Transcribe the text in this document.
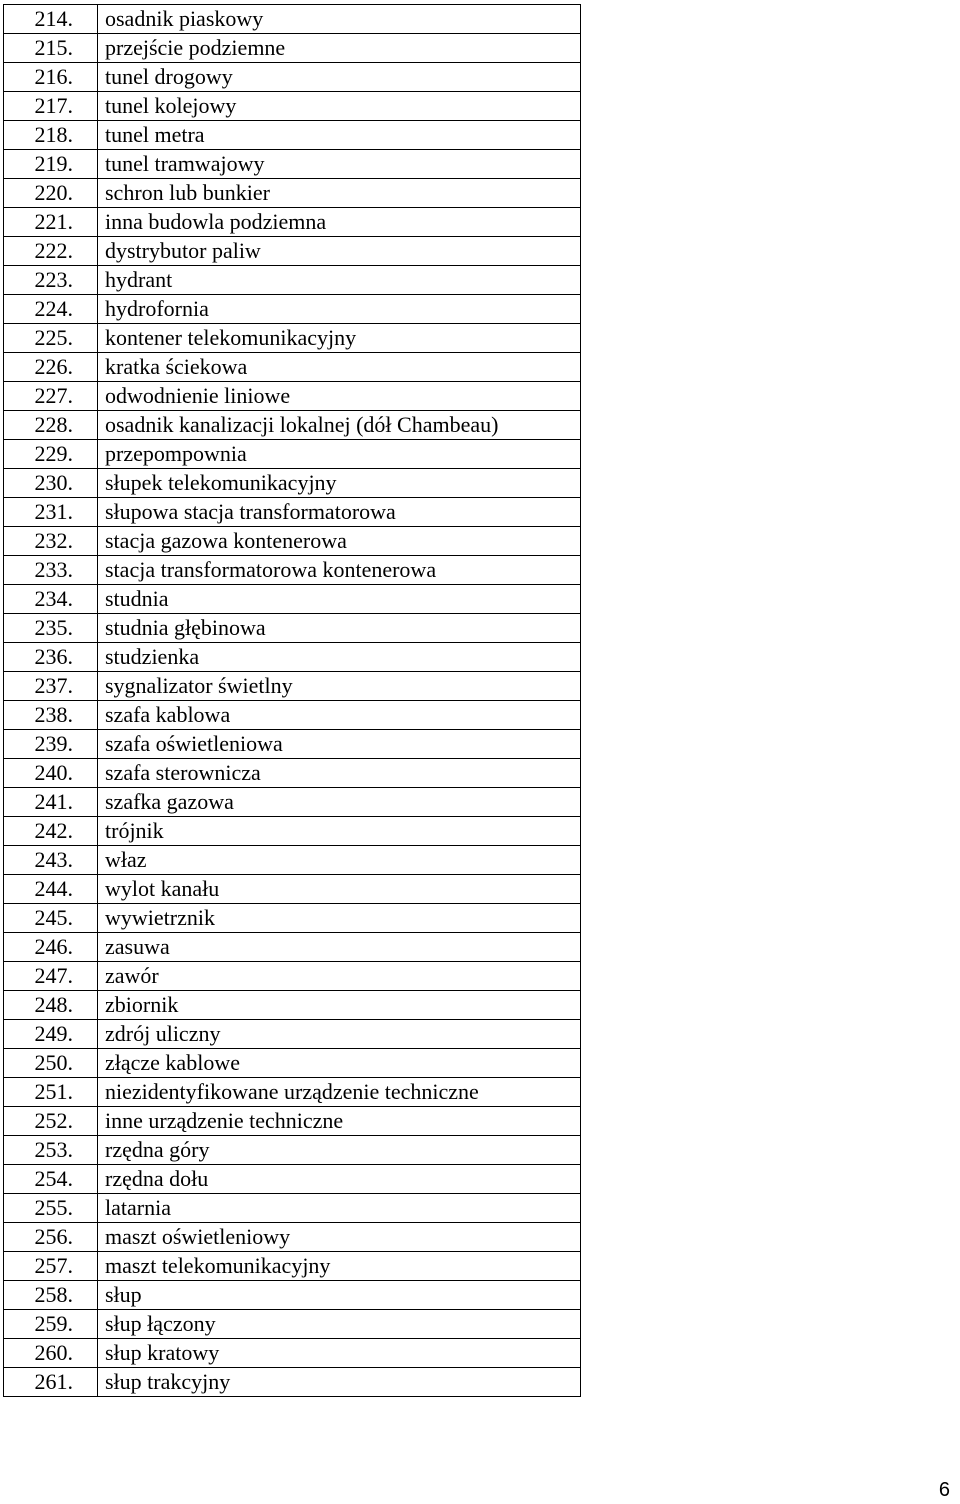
214.	osadnik piaskowy
215.	przejście podziemne
216.	tunel drogowy
217.	tunel kolejowy
218.	tunel metra
219.	tunel tramwajowy
220.	schron lub bunkier
221.	inna budowla podziemna
222.	dystrybutor paliw
223.	hydrant
224.	hydrofornia
225.	kontener telekomunikacyjny
226.	kratka ściekowa
227.	odwodnienie liniowe
228.	osadnik kanalizacji lokalnej (dół Chambeau)
229.	przepompownia
230.	słupek telekomunikacyjny
231.	słupowa stacja transformatorowa
232.	stacja gazowa kontenerowa
233.	stacja transformatorowa kontenerowa
234.	studnia
235.	studnia głębinowa
236.	studzienka
237.	sygnalizator świetlny
238.	szafa kablowa
239.	szafa oświetleniowa
240.	szafa sterownicza
241.	szafka gazowa
242.	trójnik
243.	właz
244.	wylot kanału
245.	wywietrznik
246.	zasuwa
247.	zawór
248.	zbiornik
249.	zdrój uliczny
250.	złącze kablowe
251.	niezidentyfikowane urządzenie techniczne
252.	inne urządzenie techniczne
253.	rzędna góry
254.	rzędna dołu
255.	latarnia
256.	maszt oświetleniowy
257.	maszt telekomunikacyjny
258.	słup
259.	słup łączony
260.	słup kratowy
261.	słup trakcyjny
6
